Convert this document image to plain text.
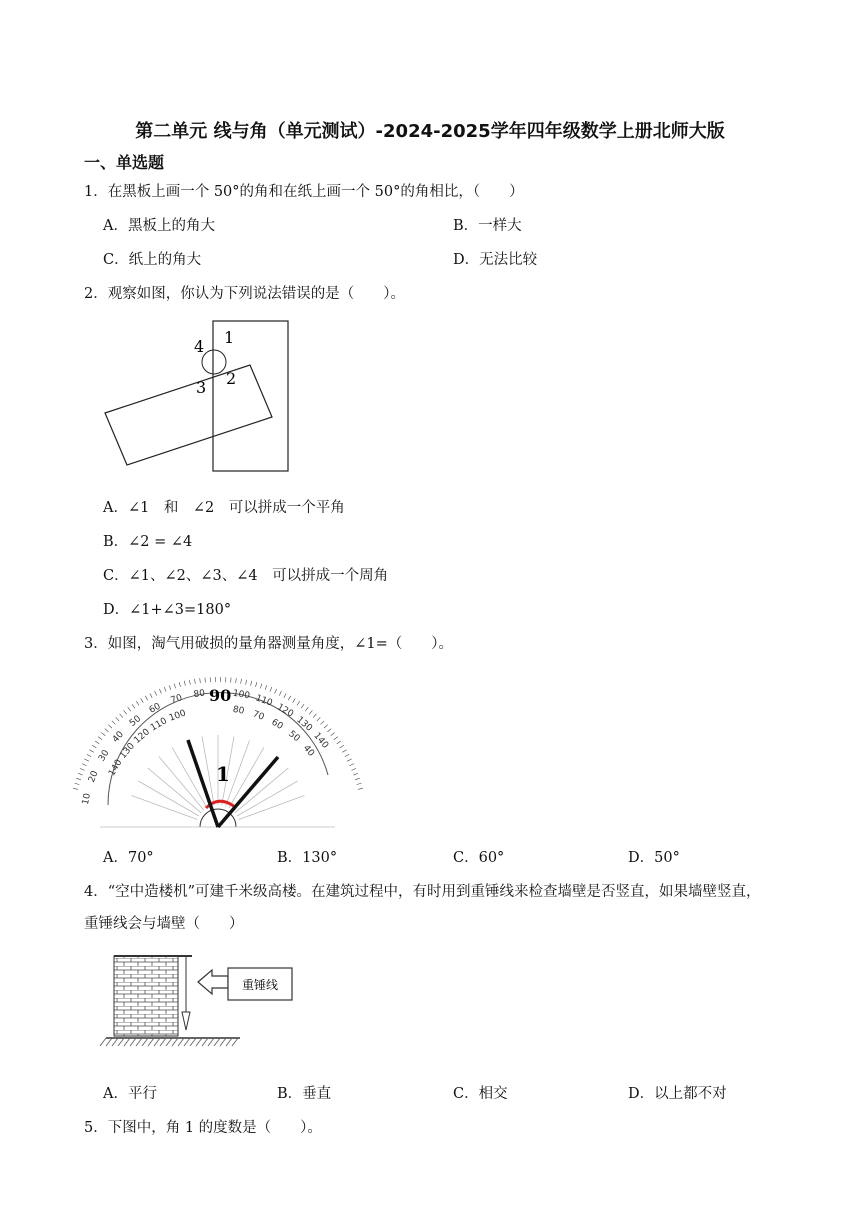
第二单元 线与角（单元测试）-2024-2025学年四年级数学上册北师大版
一、单选题
1．在黑板上画一个 50°的角和在纸上画一个 50°的角相比，（　　）
A．黑板上的角大	B．一样大
C．纸上的角大	D．无法比较
2．观察如图，你认为下列说法错误的是（　　）。
1
2
3
4
A．∠1　和　∠2　可以拼成一个平角
B．∠2 = ∠4
C．∠1、∠2、∠3、∠4　可以拼成一个周角
D．∠1+∠3=180°
3．如图，淘气用破损的量角器测量角度，∠1=（　　）。
10
20
30
40
50
60
70 80	100 110
120
130
140
140
130
120
110
100	80 70
60
50
40
90
1
A．70°	B．130°	C．60°	D．50°
4．“空中造楼机”可建千米级高楼。在建筑过程中，有时用到重锤线来检查墙壁是否竖直，如果墙壁竖直，
重锤线会与墙壁（　　）
重锤线
A．平行	B．垂直	C．相交	D．以上都不对
5．下图中，角 1 的度数是（　　）。
